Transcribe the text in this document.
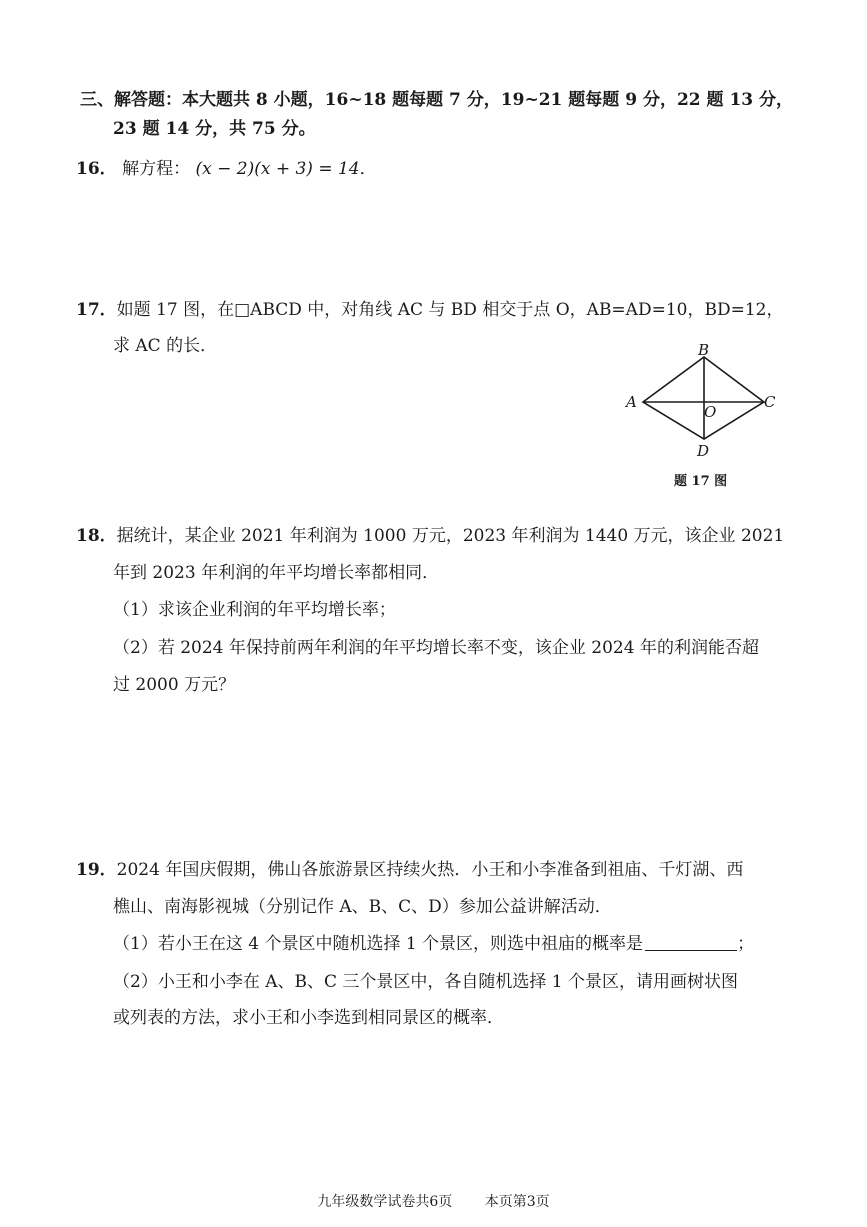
三、解答题：本大题共 8 小题，16~18 题每题 7 分，19~21 题每题 9 分，22 题 13 分，
23 题 14 分，共 75 分。
16． 解方程： (x − 2)(x + 3) = 14．
17．如题 17 图，在□ABCD 中，对角线 AC 与 BD 相交于点 O，AB=AD=10，BD=12，
求 AC 的长．	B
A	C
O
D
题 17 图
18．据统计，某企业 2021 年利润为 1000 万元，2023 年利润为 1440 万元，该企业 2021
年到 2023 年利润的年平均增长率都相同．
（1）求该企业利润的年平均增长率；
（2）若 2024 年保持前两年利润的年平均增长率不变，该企业 2024 年的利润能否超
过 2000 万元？
19．2024 年国庆假期，佛山各旅游景区持续火热．小王和小李准备到祖庙、千灯湖、西
樵山、南海影视城（分别记作 A、B、C、D）参加公益讲解活动．
（1）若小王在这 4 个景区中随机选择 1 个景区，则选中祖庙的概率是	；
（2）小王和小李在 A、B、C 三个景区中，各自随机选择 1 个景区，请用画树状图
或列表的方法，求小王和小李选到相同景区的概率．
九年级数学试卷共6页 本页第3页
